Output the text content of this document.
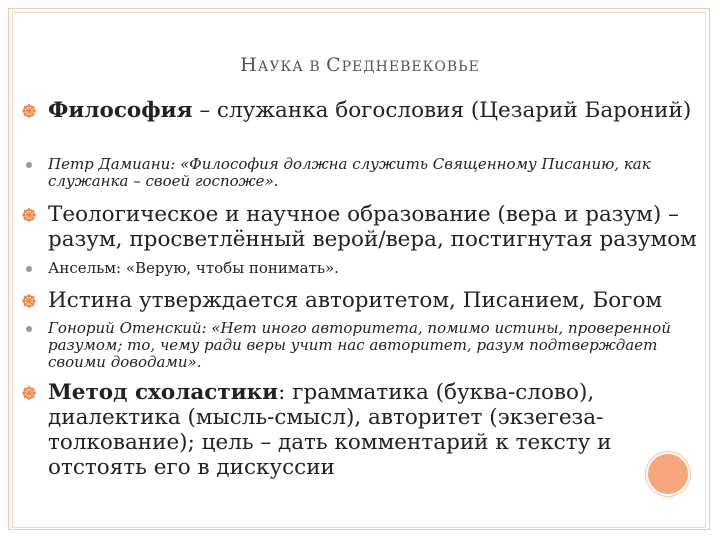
НАУКА В СРЕДНЕВЕКОВЬЕ
Философия – служанка богословия (Цезарий Бароний)
Петр Дамиани: «Философия должна служить Священному Писанию, как служанка – своей госпоже».
Теологическое и научное образование (вера и разум) – разум, просветлённый верой/вера, постигнутая разумом
Ансельм: «Верую, чтобы понимать».
Истина утверждается авторитетом, Писанием, Богом
Гонорий Отенский: «Нет иного авторитета, помимо истины, проверенной разумом; то, чему ради веры учит нас авторитет, разум подтверждает своими доводами».
Метод схоластики: грамматика (буква-слово), диалектика (мысль-смысл), авторитет (экзегеза-толкование); цель – дать комментарий к тексту и отстоять его в дискуссии
